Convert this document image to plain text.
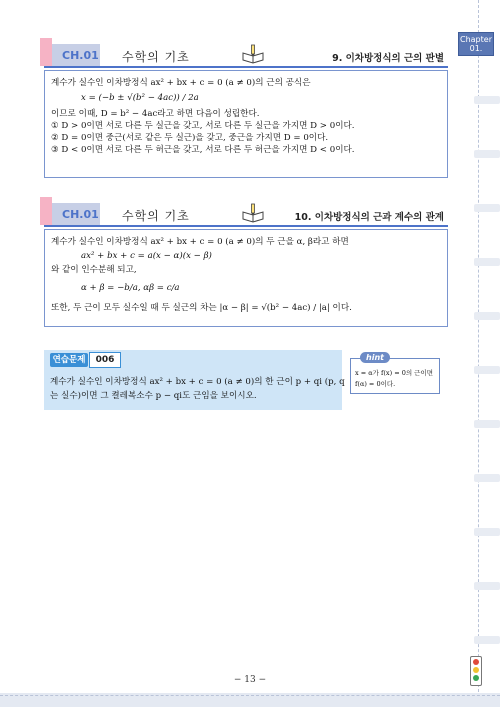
Chapter
01.
CH.01 수학의 기초	9. 이차방정식의 근의 판별
계수가 실수인 이차방정식 ax² + bx + c = 0 (a ≠ 0)의 근의 공식은
x = (−b ± √(b² − 4ac)) / 2a
이므로 이때, D = b² − 4ac라고 하면 다음이 성립한다.
① D > 0이면 서로 다른 두 실근을 갖고, 서로 다른 두 실근을 가지면 D > 0이다.
② D = 0이면 중근(서로 같은 두 실근)을 갖고, 중근을 가지면 D = 0이다.
③ D < 0이면 서로 다른 두 허근을 갖고, 서로 다른 두 허근을 가지면 D < 0이다.
CH.01 수학의 기초	10. 이차방정식의 근과 계수의 관계
계수가 실수인 이차방정식 ax² + bx + c = 0 (a ≠ 0)의 두 근을 α, β라고 하면
ax² + bx + c = a(x − α)(x − β)
와 같이 인수분해 되고,
α + β = −b/a, αβ = c/a
또한, 두 근이 모두 실수일 때 두 실근의 차는 |α − β| = √(b² − 4ac) / |a| 이다.
연습문제	006
계수가 실수인 이차방정식 ax² + bx + c = 0 (a ≠ 0)의 한 근이 p + qi (p, q
는 실수)이면 그 켤레복소수 p − qi도 근임을 보이시오.
x = α가 f(x) = 0의 근이면
f(α) = 0이다.
hint
− 13 −
